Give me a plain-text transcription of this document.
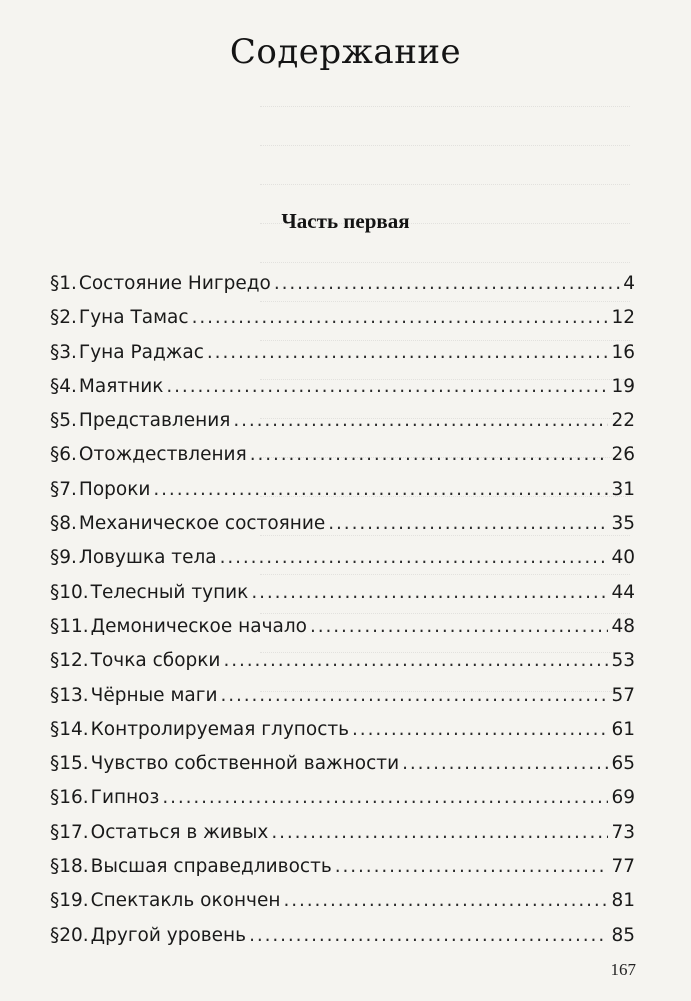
Содержание
Часть первая
§1. Состояние Нигредо . . .	4
§2. Гуна Тамас . . .	12
§3. Гуна Раджас . . .	16
§4. Маятник . . .	19
§5. Представления . . .	22
§6. Отождествления . . .	26
§7. Пороки . . .	31
§8. Механическое состояние . . .	35
§9. Ловушка тела . . .	40
§10. Телесный тупик . . .	44
§11. Демоническое начало . . .	48
§12. Точка сборки . . .	53
§13. Чёрные маги . . .	57
§14. Контролируемая глупость . . .	61
§15. Чувство собственной важности . . .	65
§16. Гипноз . . .	69
§17. Остаться в живых . . .	73
§18. Высшая справедливость . . .	77
§19. Спектакль окончен . . .	81
§20. Другой уровень . . .	85
167
